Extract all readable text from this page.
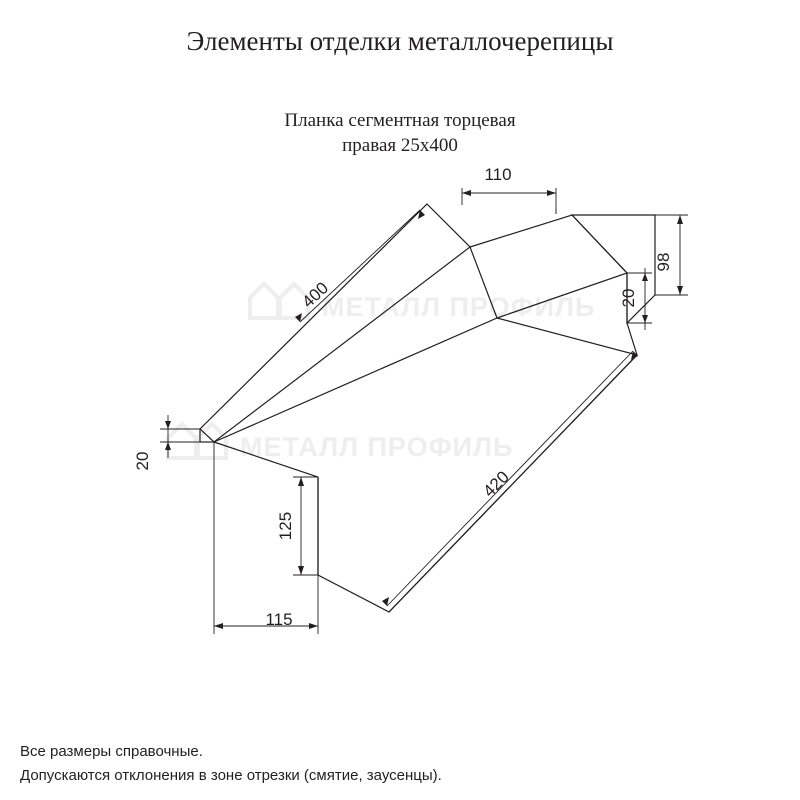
Элементы отделки металлочерепицы
Планка сегментная торцевая
правая 25х400
МЕТАЛЛ ПРОФИЛЬ
МЕТАЛЛ ПРОФИЛЬ
110
98
20
400
420
20
125
115
Все размеры справочные.
Допускаются отклонения в зоне отрезки (смятие, заусенцы).
